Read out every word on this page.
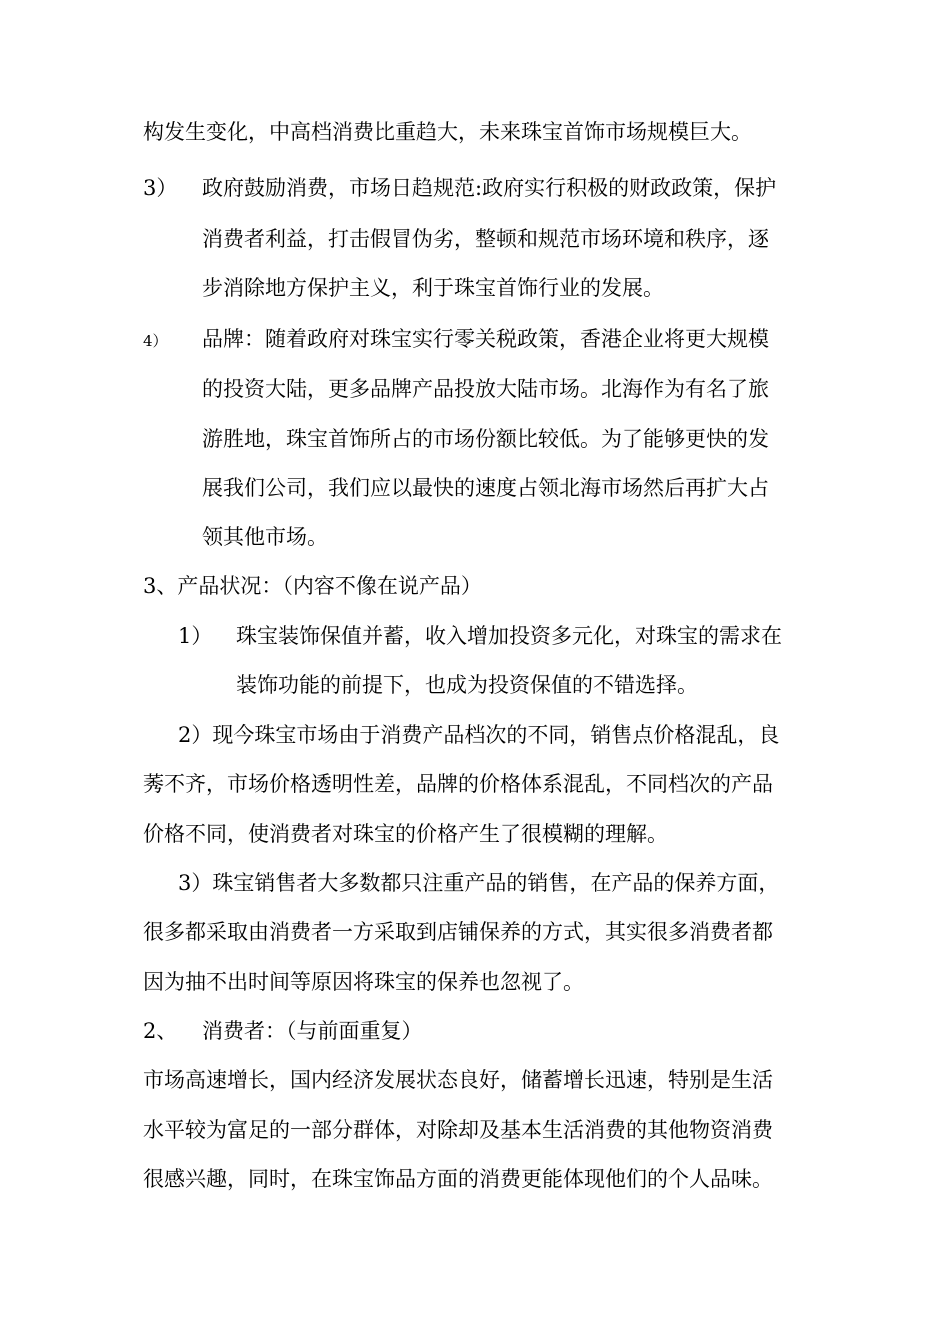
构发生变化，中高档消费比重趋大，未来珠宝首饰市场规模巨大。
3） 政府鼓励消费，市场日趋规范:政府实行积极的财政政策，保护
消费者利益，打击假冒伪劣，整顿和规范市场环境和秩序，逐
步消除地方保护主义，利于珠宝首饰行业的发展。
4） 品牌：随着政府对珠宝实行零关税政策，香港企业将更大规模
的投资大陆，更多品牌产品投放大陆市场。北海作为有名了旅
游胜地，珠宝首饰所占的市场份额比较低。为了能够更快的发
展我们公司，我们应以最快的速度占领北海市场然后再扩大占
领其他市场。
3、产品状况：（内容不像在说产品）
1） 珠宝装饰保值并蓄，收入增加投资多元化，对珠宝的需求在
装饰功能的前提下，也成为投资保值的不错选择。
2）现今珠宝市场由于消费产品档次的不同，销售点价格混乱，良
莠不齐，市场价格透明性差，品牌的价格体系混乱，不同档次的产品
价格不同，使消费者对珠宝的价格产生了很模糊的理解。
3）珠宝销售者大多数都只注重产品的销售，在产品的保养方面，
很多都采取由消费者一方采取到店铺保养的方式，其实很多消费者都
因为抽不出时间等原因将珠宝的保养也忽视了。
2、 消费者：（与前面重复）
市场高速增长，国内经济发展状态良好，储蓄增长迅速，特别是生活
水平较为富足的一部分群体，对除却及基本生活消费的其他物资消费
很感兴趣，同时，在珠宝饰品方面的消费更能体现他们的个人品味。
